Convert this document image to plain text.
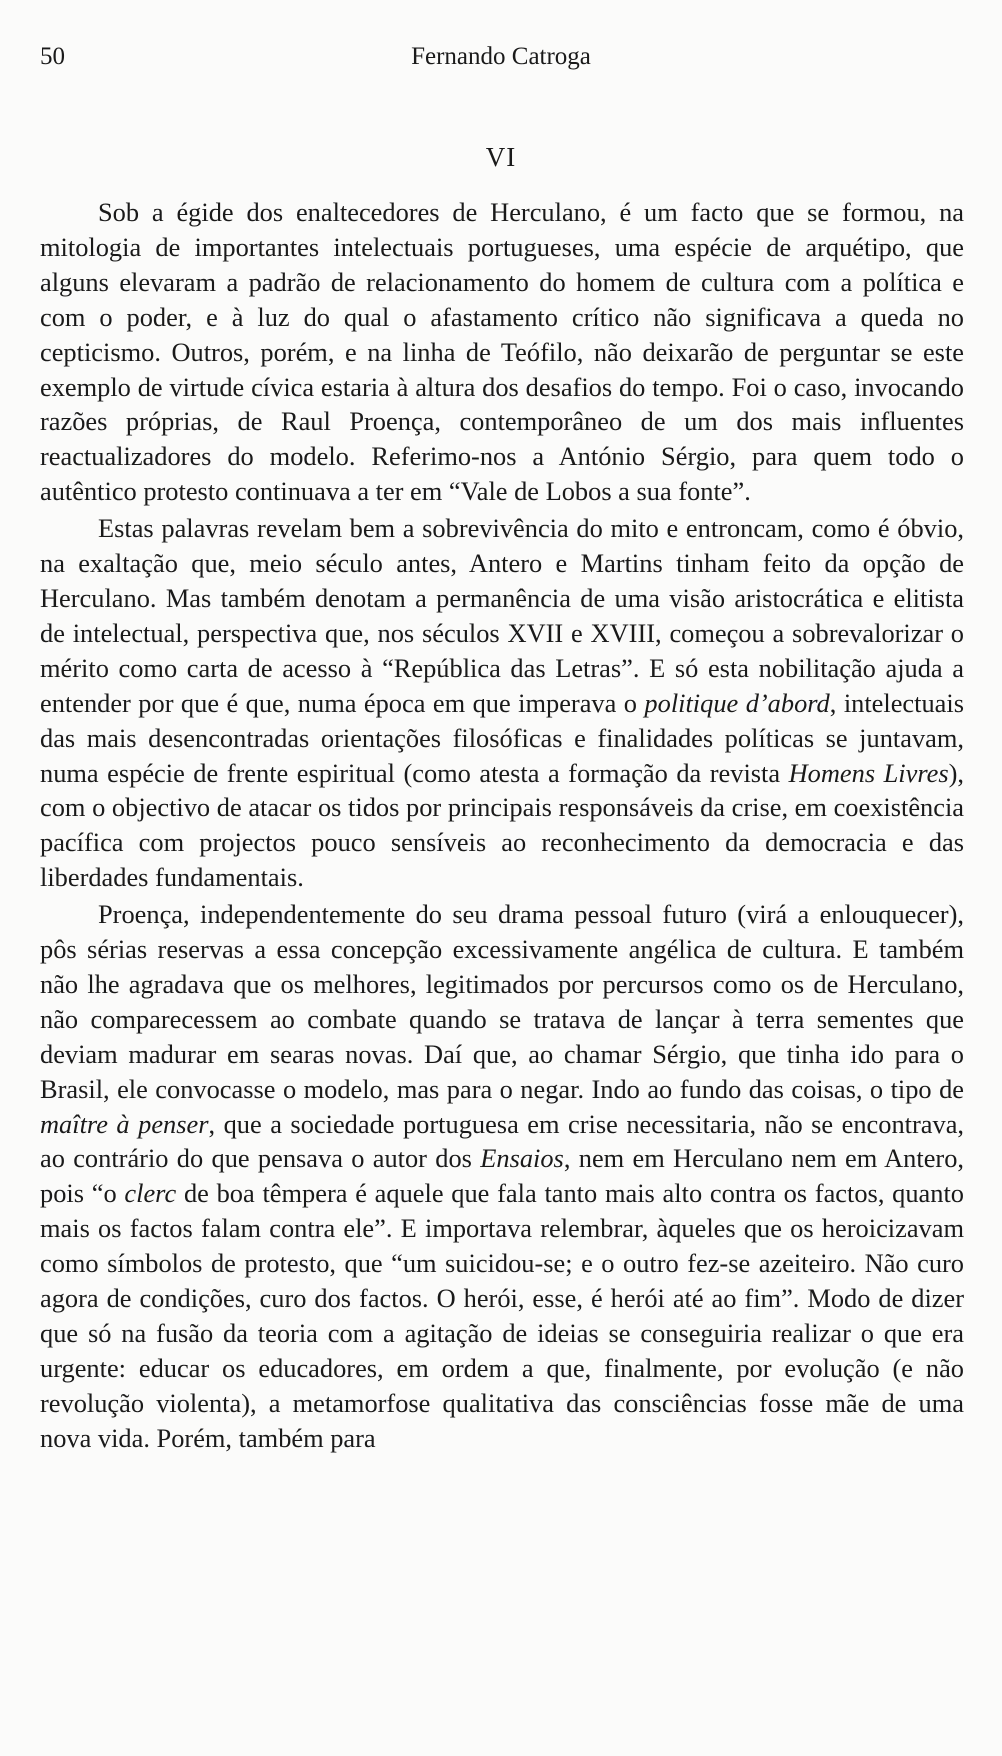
50	Fernando Catroga
VI

Sob a égide dos enaltecedores de Herculano, é um facto que se formou, na mitologia de importantes intelectuais portugueses, uma espécie de arquétipo, que alguns elevaram a padrão de relacionamento do homem de cultura com a política e com o poder, e à luz do qual o afastamento crítico não significava a queda no cepticismo. Outros, porém, e na linha de Teófilo, não deixarão de perguntar se este exemplo de virtude cívica estaria à altura dos desafios do tempo. Foi o caso, invocando razões próprias, de Raul Proença, contemporâneo de um dos mais influentes reactualizadores do modelo. Referimo-nos a António Sérgio, para quem todo o autêntico protesto continuava a ter em “Vale de Lobos a sua fonte”.

Estas palavras revelam bem a sobrevivência do mito e entroncam, como é óbvio, na exaltação que, meio século antes, Antero e Martins tinham feito da opção de Herculano. Mas também denotam a permanência de uma visão aristocrática e elitista de intelectual, perspectiva que, nos séculos XVII e XVIII, começou a sobrevalorizar o mérito como carta de acesso à “República das Letras”. E só esta nobilitação ajuda a entender por que é que, numa época em que imperava o politique d’abord, intelectuais das mais desencontradas orientações filosóficas e finalidades políticas se juntavam, numa espécie de frente espiritual (como atesta a formação da revista Homens Livres), com o objectivo de atacar os tidos por principais responsáveis da crise, em coexistência pacífica com projectos pouco sensíveis ao reconhecimento da democracia e das liberdades fundamentais.

Proença, independentemente do seu drama pessoal futuro (virá a enlouquecer), pôs sérias reservas a essa concepção excessivamente angélica de cultura. E também não lhe agradava que os melhores, legitimados por percursos como os de Herculano, não comparecessem ao combate quando se tratava de lançar à terra sementes que deviam madurar em searas novas. Daí que, ao chamar Sérgio, que tinha ido para o Brasil, ele convocasse o modelo, mas para o negar. Indo ao fundo das coisas, o tipo de maître à penser, que a sociedade portuguesa em crise necessitaria, não se encontrava, ao contrário do que pensava o autor dos Ensaios, nem em Herculano nem em Antero, pois “o clerc de boa têmpera é aquele que fala tanto mais alto contra os factos, quanto mais os factos falam contra ele”. E importava relembrar, àqueles que os heroicizavam como símbolos de protesto, que “um suicidou-se; e o outro fez-se azeiteiro. Não curo agora de condições, curo dos factos. O herói, esse, é herói até ao fim”. Modo de dizer que só na fusão da teoria com a agitação de ideias se conseguiria realizar o que era urgente: educar os educadores, em ordem a que, finalmente, por evolução (e não revolução violenta), a metamorfose qualitativa das consciências fosse mãe de uma nova vida. Porém, também para
